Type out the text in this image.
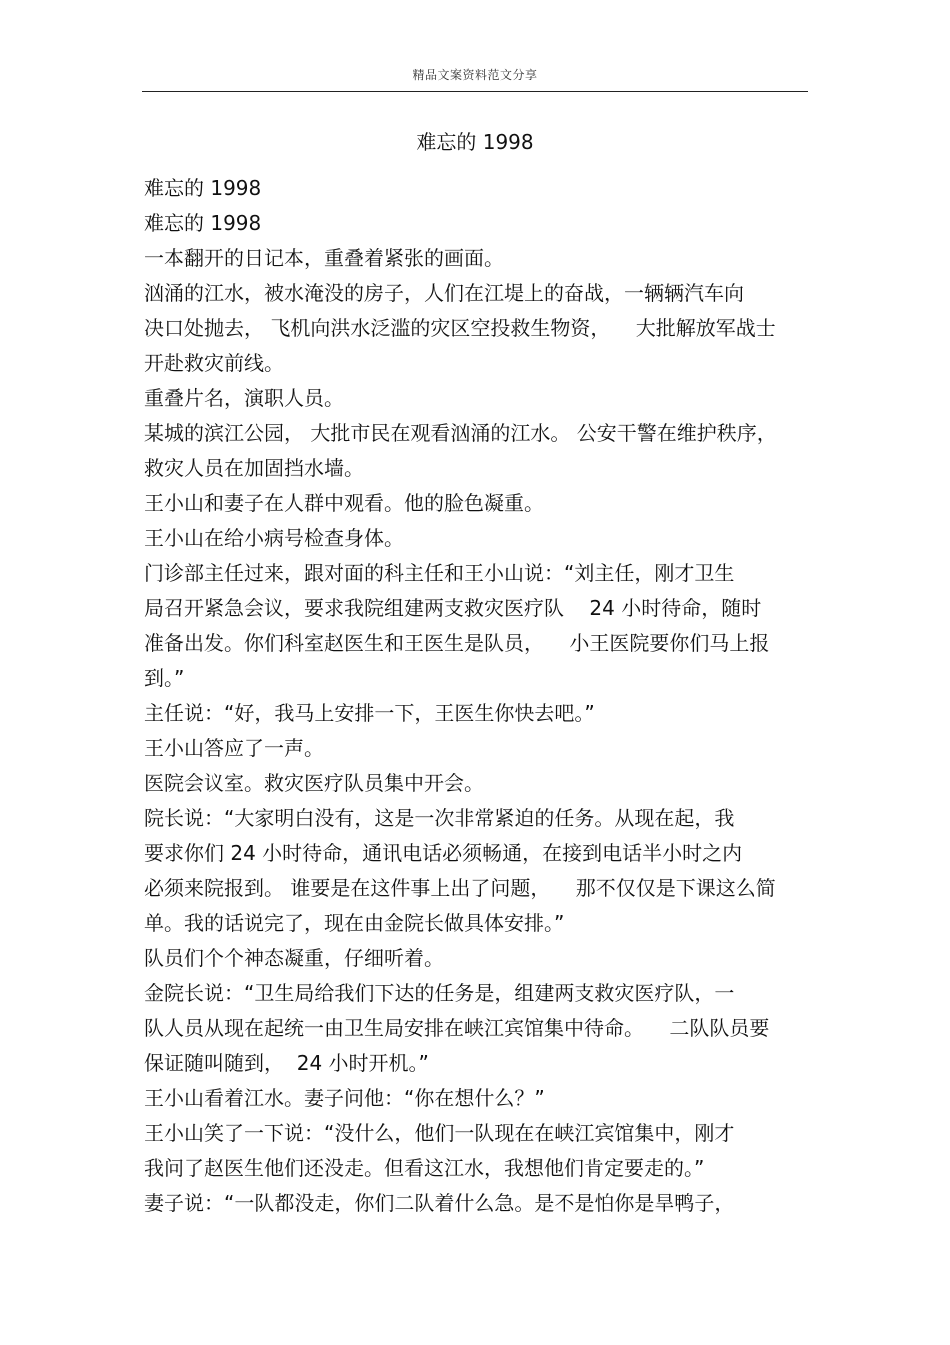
精品文案资料范文分享
难忘的 1998
难忘的 1998
难忘的 1998
一本翻开的日记本，重叠着紧张的画面。
汹涌的江水，被水淹没的房子，人们在江堤上的奋战，一辆辆汽车向
决口处抛去， 飞机向洪水泛滥的灾区空投救生物资，    大批解放军战士
开赴救灾前线。
重叠片名，演职人员。
某城的滨江公园， 大批市民在观看汹涌的江水。 公安干警在维护秩序，
救灾人员在加固挡水墙。
王小山和妻子在人群中观看。他的脸色凝重。
王小山在给小病号检查身体。
门诊部主任过来，跟对面的科主任和王小山说：“刘主任，刚才卫生
局召开紧急会议，要求我院组建两支救灾医疗队    24 小时待命，随时
准备出发。你们科室赵医生和王医生是队员，    小王医院要你们马上报
到。”
主任说：“好，我马上安排一下，王医生你快去吧。”
王小山答应了一声。
医院会议室。救灾医疗队员集中开会。
院长说：“大家明白没有，这是一次非常紧迫的任务。从现在起，我
要求你们 24 小时待命，通讯电话必须畅通，在接到电话半小时之内
必须来院报到。 谁要是在这件事上出了问题，    那不仅仅是下课这么简
单。我的话说完了，现在由金院长做具体安排。”
队员们个个神态凝重，仔细听着。
金院长说：“卫生局给我们下达的任务是，组建两支救灾医疗队，一
队人员从现在起统一由卫生局安排在峡江宾馆集中待命。    二队队员要
保证随叫随到，  24 小时开机。”
王小山看着江水。妻子问他：“你在想什么？”
王小山笑了一下说：“没什么，他们一队现在在峡江宾馆集中，刚才
我问了赵医生他们还没走。但看这江水，我想他们肯定要走的。”
妻子说：“一队都没走，你们二队着什么急。是不是怕你是旱鸭子，
